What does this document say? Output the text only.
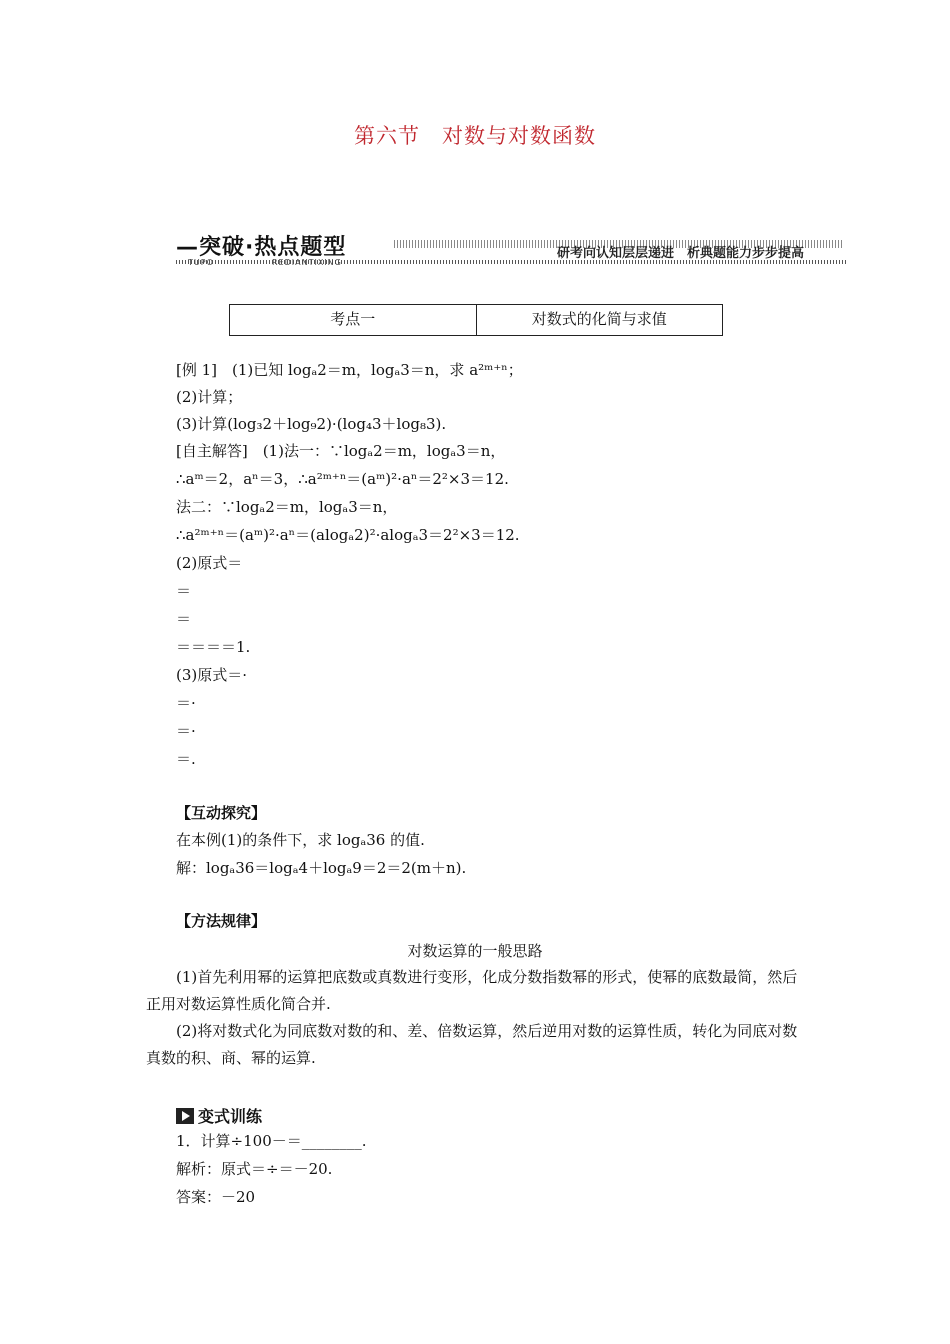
第六节　对数与对数函数
—突破·热点题型
TUPO	REDIANTIXING
研考向认知层层递进　析典题能力步步提高
考点一	对数式的化简与求值
[例 1]　(1)已知 logₐ2＝m，logₐ3＝n，求 a²ᵐ⁺ⁿ；
(2)计算；
(3)计算(log₃2＋log₉2)·(log₄3＋log₈3).
[自主解答]　(1)法一：∵logₐ2＝m，logₐ3＝n，
∴aᵐ＝2，aⁿ＝3，∴a²ᵐ⁺ⁿ＝(aᵐ)²·aⁿ＝2²×3＝12.
法二：∵logₐ2＝m，logₐ3＝n，
∴a²ᵐ⁺ⁿ＝(aᵐ)²·aⁿ＝(alogₐ2)²·alogₐ3＝2²×3＝12.
(2)原式＝
＝
＝
＝＝＝＝1.
(3)原式＝·
＝·
＝·
＝.
【互动探究】
在本例(1)的条件下，求 logₐ36 的值.
解：logₐ36＝logₐ4＋logₐ9＝2＝2(m＋n).
【方法规律】
对数运算的一般思路
(1)首先利用幂的运算把底数或真数进行变形，化成分数指数幂的形式，使幂的底数最简，然后正用对数运算性质化简合并.
(2)将对数式化为同底数对数的和、差、倍数运算，然后逆用对数的运算性质，转化为同底对数真数的积、商、幂的运算.
变式训练
1．计算÷100－＝________.
解析：原式＝÷＝－20.
答案：－20
